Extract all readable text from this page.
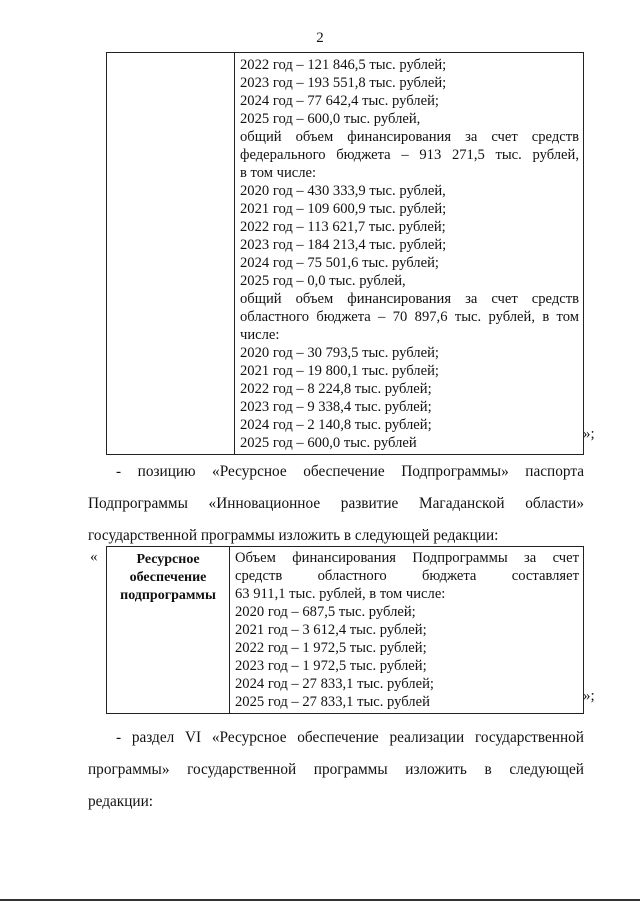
2

2022 год – 121 846,5 тыс. рублей;
2023 год – 193 551,8 тыс. рублей;
2024 год – 77 642,4 тыс. рублей;
2025 год – 600,0 тыс. рублей,
общий объем финансирования за счет средств
федерального бюджета – 913 271,5 тыс. рублей,
в том числе:
2020 год – 430 333,9 тыс. рублей,
2021 год – 109 600,9 тыс. рублей;
2022 год – 113 621,7 тыс. рублей;
2023 год – 184 213,4 тыс. рублей;
2024 год – 75 501,6 тыс. рублей;
2025 год – 0,0 тыс. рублей,
общий объем финансирования за счет средств
областного бюджета – 70 897,6 тыс. рублей, в том
числе:
2020 год – 30 793,5 тыс. рублей;
2021 год – 19 800,1 тыс. рублей;
2022 год – 8 224,8 тыс. рублей;
2023 год – 9 338,4 тыс. рублей;
2024 год – 2 140,8 тыс. рублей;
2025 год – 600,0 тыс. рублей
»;
- позицию «Ресурсное обеспечение Подпрограммы» паспорта
Подпрограммы «Инновационное развитие Магаданской области»
государственной программы изложить в следующей редакции:
«	Ресурсное
обеспечение
подпрограммы

Объем финансирования Подпрограммы за счет
средств областного бюджета составляет
63 911,1 тыс. рублей, в том числе:
2020 год – 687,5 тыс. рублей;
2021 год – 3 612,4 тыс. рублей;
2022 год – 1 972,5 тыс. рублей;
2023 год – 1 972,5 тыс. рублей;
2024 год – 27 833,1 тыс. рублей;
2025 год – 27 833,1 тыс. рублей	»;
- раздел VI «Ресурсное обеспечение реализации государственной
программы» государственной программы изложить в следующей
редакции:
